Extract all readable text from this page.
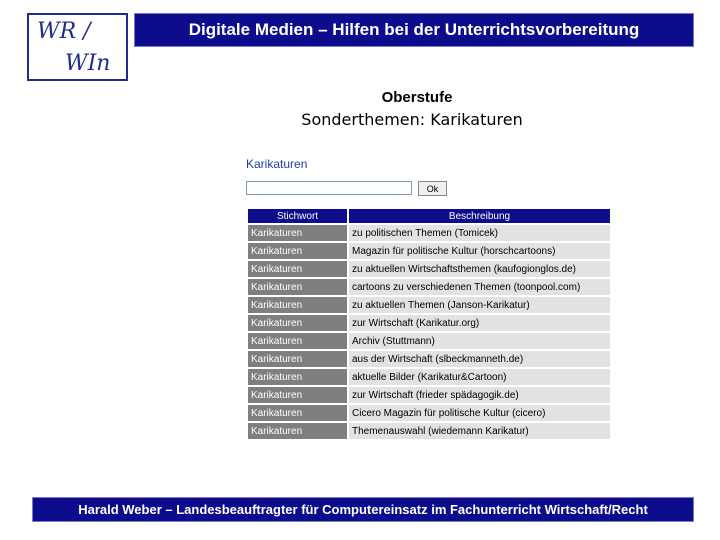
WR /
WIn
Digitale Medien – Hilfen bei der Unterrichtsvorbereitung
Oberstufe
Sonderthemen: Karikaturen
Karikaturen
Ok
Stichwort	Beschreibung
Karikaturen	zu politischen Themen (Tomicek)
Karikaturen	Magazin für politische Kultur (horschcartoons)
Karikaturen	zu aktuellen Wirtschaftsthemen (kaufogionglos.de)
Karikaturen	cartoons zu verschiedenen Themen (toonpool.com)
Karikaturen	zu aktuellen Themen (Janson-Karikatur)
Karikaturen	zur Wirtschaft (Karikatur.org)
Karikaturen	Archiv (Stuttmann)
Karikaturen	aus der Wirtschaft (slbeckmanneth.de)
Karikaturen	aktuelle Bilder (Karikatur&Cartoon)
Karikaturen	zur Wirtschaft (frieder spädagogik.de)
Karikaturen	Cicero Magazin für politische Kultur (cicero)
Karikaturen	Themenauswahl (wiedemann Karikatur)
Harald Weber – Landesbeauftragter für Computereinsatz im Fachunterricht Wirtschaft/Recht
